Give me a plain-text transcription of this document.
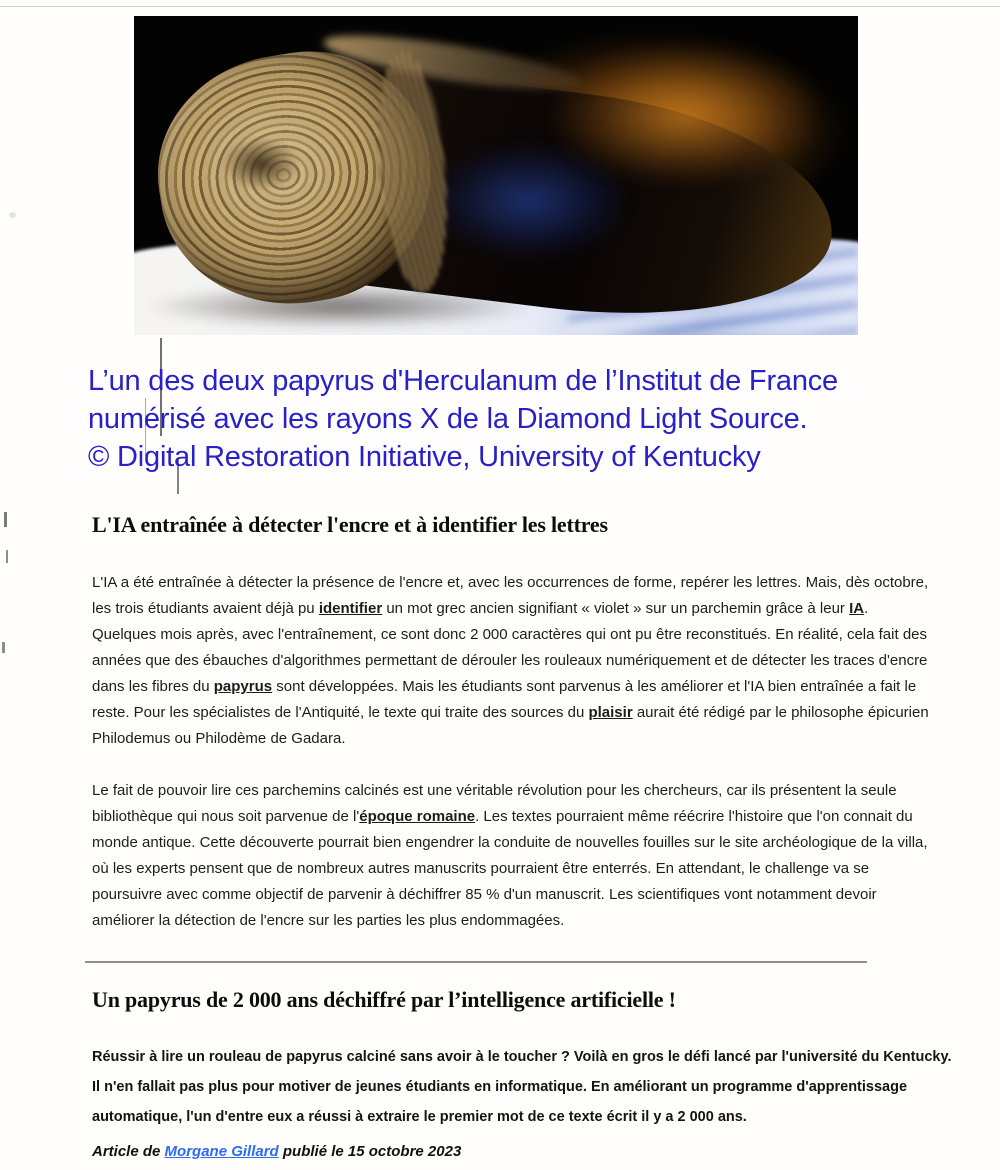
L’un des deux papyrus d'Herculanum de l’Institut de France
numérisé avec les rayons X de la Diamond Light Source.
© Digital Restoration Initiative, University of Kentucky
L'IA entraînée à détecter l'encre et à identifier les lettres

L'IA a été entraînée à détecter la présence de l'encre et, avec les occurrences de forme, repérer les lettres. Mais, dès octobre, les trois étudiants avaient déjà pu identifier un mot grec ancien signifiant « violet » sur un parchemin grâce à leur IA. Quelques mois après, avec l'entraînement, ce sont donc 2 000 caractères qui ont pu être reconstitués. En réalité, cela fait des années que des ébauches d'algorithmes permettant de dérouler les rouleaux numériquement et de détecter les traces d'encre dans les fibres du papyrus sont développées. Mais les étudiants sont parvenus à les améliorer et l'IA bien entraînée a fait le reste. Pour les spécialistes de l'Antiquité, le texte qui traite des sources du plaisir aurait été rédigé par le philosophe épicurien Philodemus ou Philodème de Gadara.

Le fait de pouvoir lire ces parchemins calcinés est une véritable révolution pour les chercheurs, car ils présentent la seule bibliothèque qui nous soit parvenue de l'époque romaine. Les textes pourraient même réécrire l'histoire que l'on connait du monde antique. Cette découverte pourrait bien engendrer la conduite de nouvelles fouilles sur le site archéologique de la villa, où les experts pensent que de nombreux autres manuscrits pourraient être enterrés. En attendant, le challenge va se poursuivre avec comme objectif de parvenir à déchiffrer 85 % d'un manuscrit. Les scientifiques vont notamment devoir améliorer la détection de l'encre sur les parties les plus endommagées.

Un papyrus de 2 000 ans déchiffré par l’intelligence artificielle !

Réussir à lire un rouleau de papyrus calciné sans avoir à le toucher ? Voilà en gros le défi lancé par l'université du Kentucky. Il n'en fallait pas plus pour motiver de jeunes étudiants en informatique. En améliorant un programme d'apprentissage automatique, l'un d'entre eux a réussi à extraire le premier mot de ce texte écrit il y a 2 000 ans.

Article de Morgane Gillard publié le 15 octobre 2023
